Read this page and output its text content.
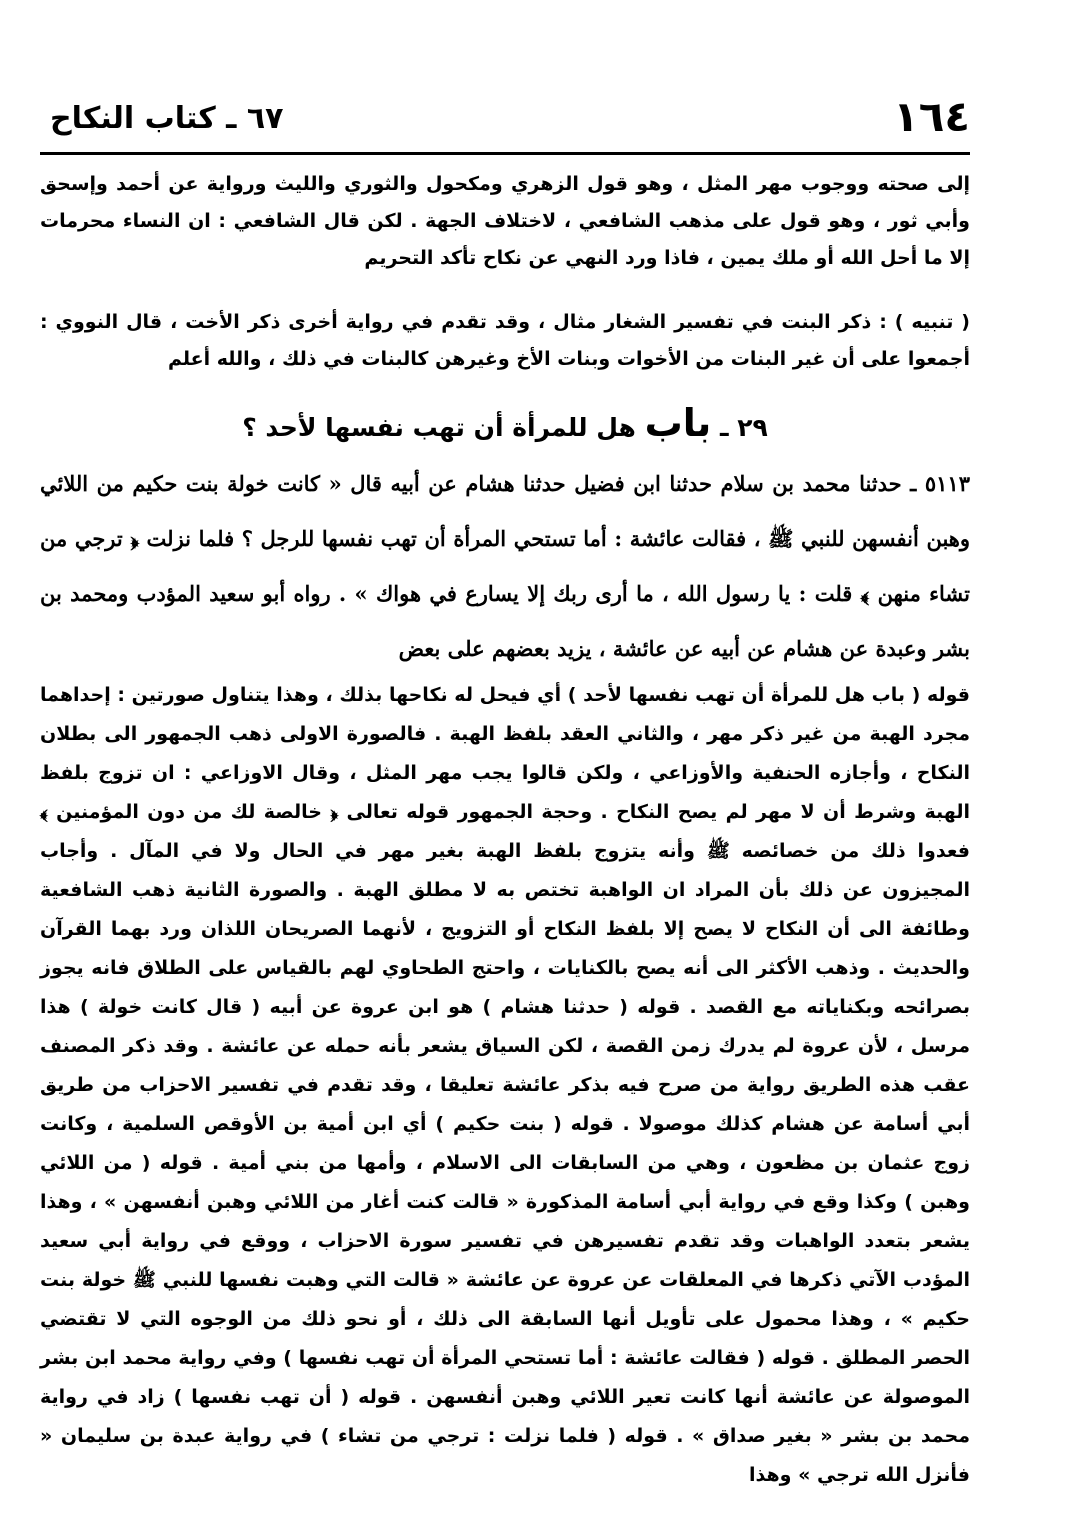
١٦٤
٦٧ ـ كتاب النكاح

إلى صحته ووجوب مهر المثل ، وهو قول الزهري ومكحول والثوري والليث ورواية عن أحمد وإسحق وأبي ثور ، وهو قول على مذهب الشافعي ، لاختلاف الجهة . لكن قال الشافعي : ان النساء محرمات إلا ما أحل الله أو ملك يمين ، فاذا ورد النهي عن نكاح تأكد التحريم

( تنبيه ) : ذكر البنت في تفسير الشغار مثال ، وقد تقدم في رواية أخرى ذكر الأخت ، قال النووي : أجمعوا على أن غير البنات من الأخوات وبنات الأخ وغيرهن كالبنات في ذلك ، والله أعلم

٢٩ ـ باب هل للمرأة أن تهب نفسها لأحد ؟

٥١١٣ ـ حدثنا محمد بن سلام حدثنا ابن فضيل حدثنا هشام عن أبيه قال « كانت خولة بنت حكيم من اللائي وهبن أنفسهن للنبي ﷺ ، فقالت عائشة : أما تستحي المرأة أن تهب نفسها للرجل ؟ فلما نزلت ﴿ ترجي من تشاء منهن ﴾ قلت : يا رسول الله ، ما أرى ربك إلا يسارع في هواك » . رواه أبو سعيد المؤدب ومحمد بن بشر وعبدة عن هشام عن أبيه عن عائشة ، يزيد بعضهم على بعض

قوله ( باب هل للمرأة أن تهب نفسها لأحد ) أي فيحل له نكاحها بذلك ، وهذا يتناول صورتين : إحداهما مجرد الهبة من غير ذكر مهر ، والثاني العقد بلفظ الهبة . فالصورة الاولى ذهب الجمهور الى بطلان النكاح ، وأجازه الحنفية والأوزاعي ، ولكن قالوا يجب مهر المثل ، وقال الاوزاعي : ان تزوج بلفظ الهبة وشرط أن لا مهر لم يصح النكاح . وحجة الجمهور قوله تعالى ﴿ خالصة لك من دون المؤمنين ﴾ فعدوا ذلك من خصائصه ﷺ وأنه يتزوج بلفظ الهبة بغير مهر في الحال ولا في المآل . وأجاب المجيزون عن ذلك بأن المراد ان الواهبة تختص به لا مطلق الهبة . والصورة الثانية ذهب الشافعية وطائفة الى أن النكاح لا يصح إلا بلفظ النكاح أو التزويج ، لأنهما الصريحان اللذان ورد بهما القرآن والحديث . وذهب الأكثر الى أنه يصح بالكنايات ، واحتج الطحاوي لهم بالقياس على الطلاق فانه يجوز بصرائحه وبكناياته مع القصد . قوله ( حدثنا هشام ) هو ابن عروة عن أبيه ( قال كانت خولة ) هذا مرسل ، لأن عروة لم يدرك زمن القصة ، لكن السياق يشعر بأنه حمله عن عائشة . وقد ذكر المصنف عقب هذه الطريق رواية من صرح فيه بذكر عائشة تعليقا ، وقد تقدم في تفسير الاحزاب من طريق أبي أسامة عن هشام كذلك موصولا . قوله ( بنت حكيم ) أي ابن أمية بن الأوقص السلمية ، وكانت زوج عثمان بن مظعون ، وهي من السابقات الى الاسلام ، وأمها من بني أمية . قوله ( من اللائي وهبن ) وكذا وقع في رواية أبي أسامة المذكورة « قالت كنت أغار من اللائي وهبن أنفسهن » ، وهذا يشعر بتعدد الواهبات وقد تقدم تفسيرهن في تفسير سورة الاحزاب ، ووقع في رواية أبي سعيد المؤدب الآتي ذكرها في المعلقات عن عروة عن عائشة « قالت التي وهبت نفسها للنبي ﷺ خولة بنت حكيم » ، وهذا محمول على تأويل أنها السابقة الى ذلك ، أو نحو ذلك من الوجوه التي لا تقتضي الحصر المطلق . قوله ( فقالت عائشة : أما تستحي المرأة أن تهب نفسها ) وفي رواية محمد ابن بشر الموصولة عن عائشة أنها كانت تعير اللائي وهبن أنفسهن . قوله ( أن تهب نفسها ) زاد في رواية محمد بن بشر « بغير صداق » . قوله ( فلما نزلت : ترجي من تشاء ) في رواية عبدة بن سليمان « فأنزل الله ترجي » وهذا
